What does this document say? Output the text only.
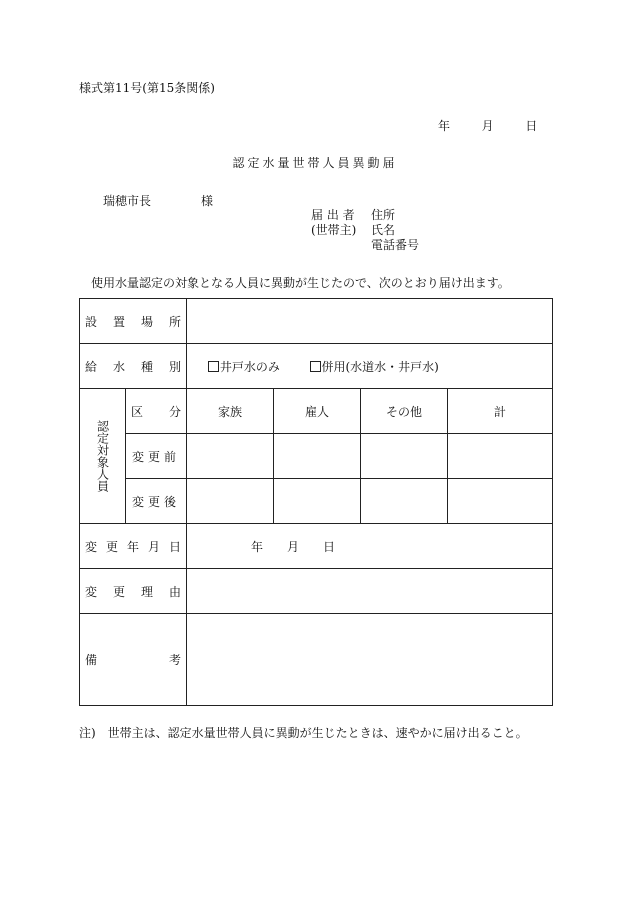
様式第11号(第15条関係)
年	月	日
認定水量世帯人員異動届
瑞穂市長	様
届 出 者	住所
(世帯主)	氏名
電話番号
使用水量認定の対象となる人員に異動が生じたので、次のとおり届け出ます。
設 置 場 所					

給 水 種 別		井戸水のみ 併用(水道水・井戸水)			

認定対象人員	区 分	家族	雇人	その他	計
	変更前				
	変更後				

変 更 年 月 日		年 月 日			

変 更 理 由					

備 考					

注)　世帯主は、認定水量世帯人員に異動が生じたときは、速やかに届け出ること。
